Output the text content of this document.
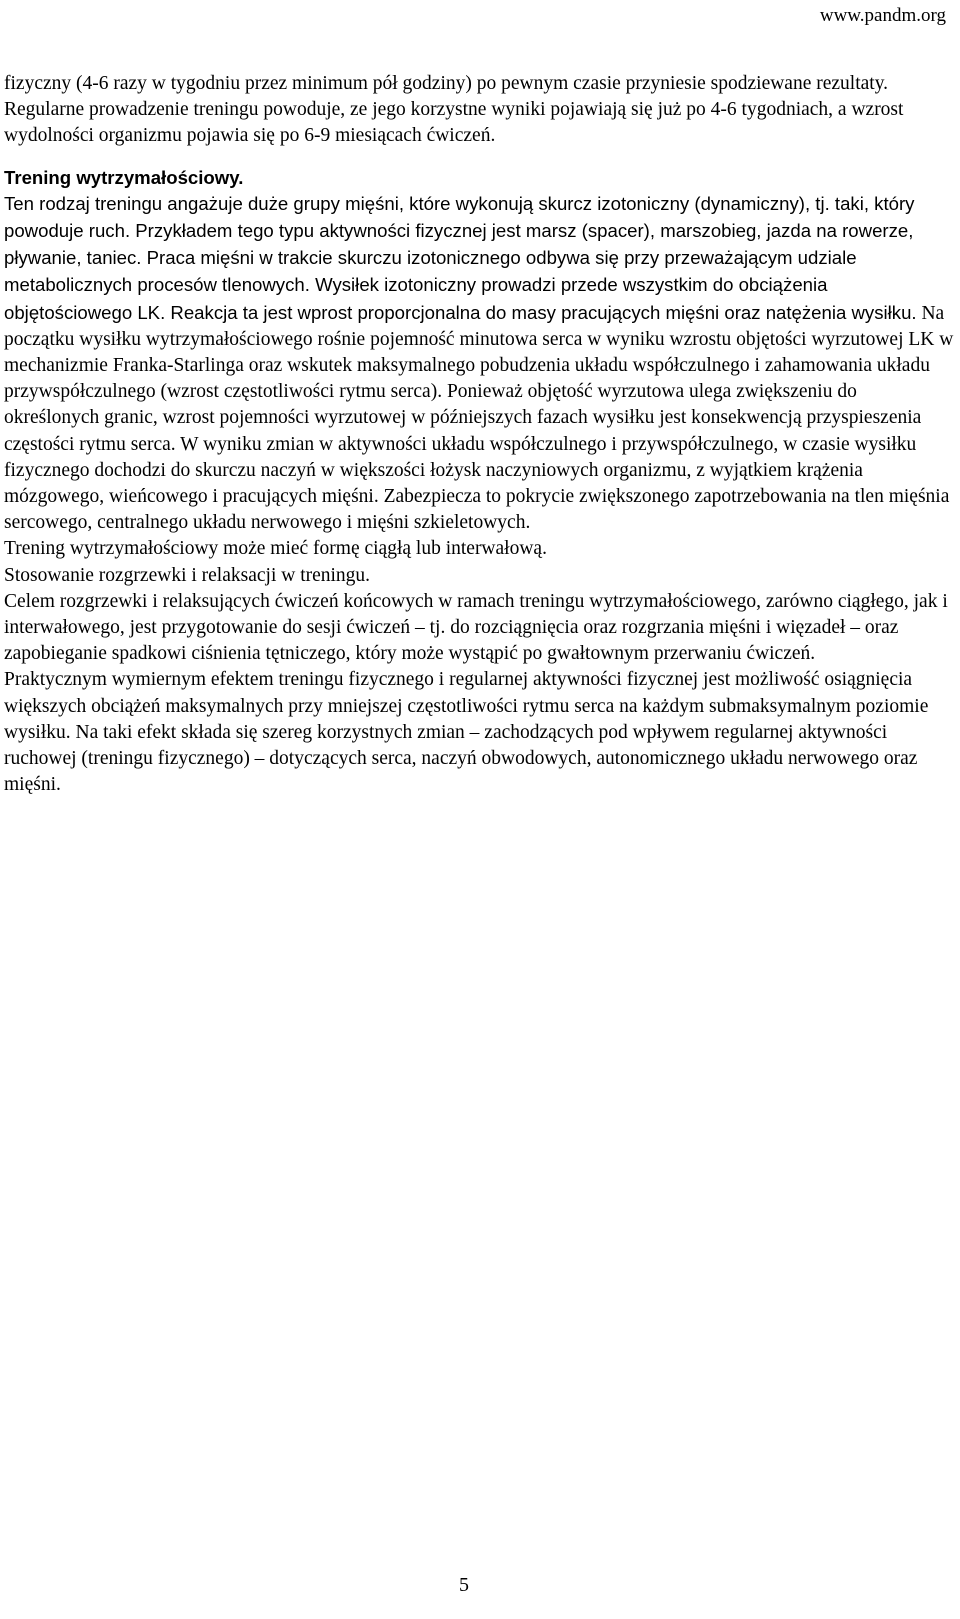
www.pandm.org

fizyczny (4-6 razy w tygodniu przez minimum pół godziny) po pewnym czasie przyniesie spodziewane rezultaty.

Regularne prowadzenie treningu powoduje, ze jego korzystne wyniki pojawiają się już po 4-6 tygodniach, a wzrost wydolności organizmu pojawia się po 6-9 miesiącach ćwiczeń.

Trening wytrzymałościowy.

Ten rodzaj treningu angażuje duże grupy mięśni, które wykonują skurcz izotoniczny (dynamiczny), tj. taki, który powoduje ruch. Przykładem tego typu aktywności fizycznej jest marsz (spacer), marszobieg, jazda na rowerze, pływanie, taniec. Praca mięśni w trakcie skurczu izotonicznego odbywa się przy przeważającym udziale metabolicznych procesów tlenowych. Wysiłek izotoniczny prowadzi przede wszystkim do obciążenia objętościowego LK. Reakcja ta jest wprost proporcjonalna do masy pracujących mięśni oraz natężenia wysiłku. Na początku wysiłku wytrzymałościowego rośnie pojemność minutowa serca w wyniku wzrostu objętości wyrzutowej LK w mechanizmie Franka-Starlinga oraz wskutek maksymalnego pobudzenia układu współczulnego i zahamowania układu przywspółczulnego (wzrost częstotliwości rytmu serca). Ponieważ objętość wyrzutowa ulega zwiększeniu do określonych granic, wzrost pojemności wyrzutowej w późniejszych fazach wysiłku jest konsekwencją przyspieszenia częstości rytmu serca. W wyniku zmian w aktywności układu współczulnego i przywspółczulnego, w czasie wysiłku fizycznego dochodzi do skurczu naczyń w większości łożysk naczyniowych organizmu, z wyjątkiem krążenia mózgowego, wieńcowego i pracujących mięśni. Zabezpiecza to pokrycie zwiększonego zapotrzebowania na tlen mięśnia sercowego, centralnego układu nerwowego i mięśni szkieletowych.

Trening wytrzymałościowy może mieć formę ciągłą lub interwałową.

Stosowanie rozgrzewki i relaksacji w treningu.

Celem rozgrzewki i relaksujących ćwiczeń końcowych w ramach treningu wytrzymałościowego, zarówno ciągłego, jak i interwałowego, jest przygotowanie do sesji ćwiczeń – tj. do rozciągnięcia oraz rozgrzania mięśni i więzadeł – oraz zapobieganie spadkowi ciśnienia tętniczego, który może wystąpić po gwałtownym przerwaniu ćwiczeń.

Praktycznym wymiernym efektem treningu fizycznego i regularnej aktywności fizycznej jest możliwość osiągnięcia większych obciążeń maksymalnych przy mniejszej częstotliwości rytmu serca na każdym submaksymalnym poziomie wysiłku. Na taki efekt składa się szereg korzystnych zmian – zachodzących pod wpływem regularnej aktywności ruchowej (treningu fizycznego) – dotyczących serca, naczyń obwodowych, autonomicznego układu nerwowego oraz mięśni.

5
